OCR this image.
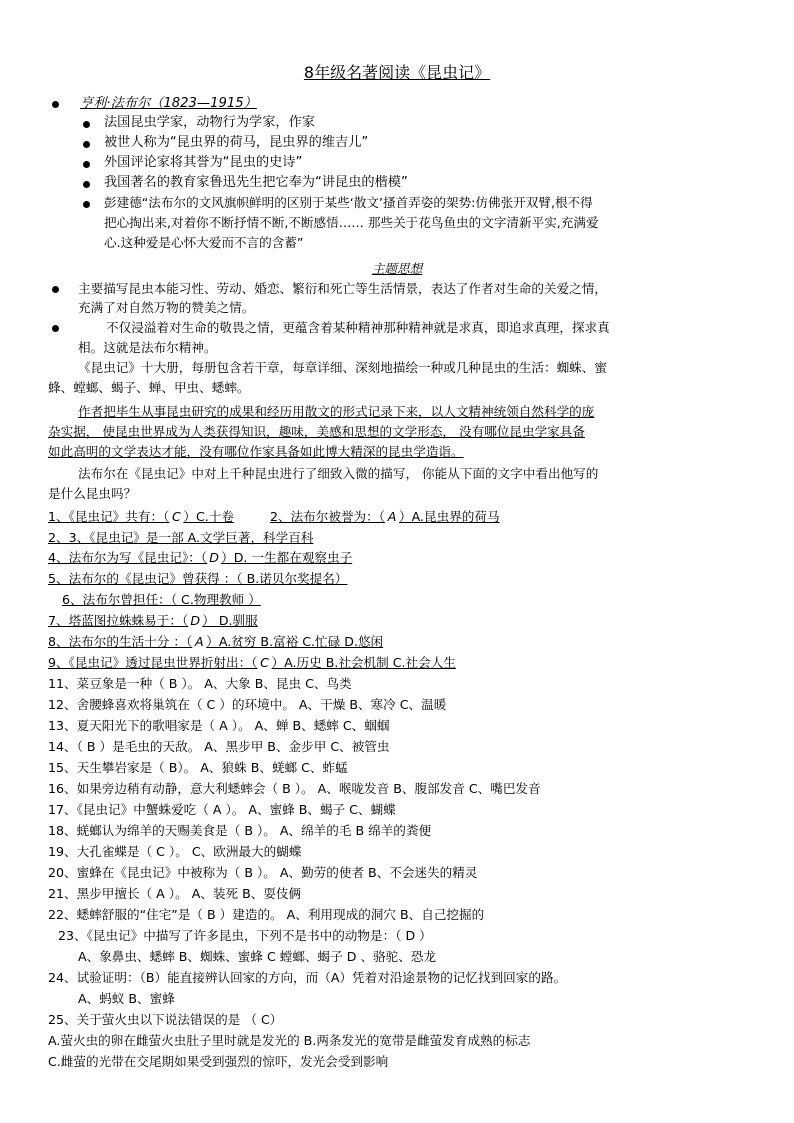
8年级名著阅读《昆虫记》
亨利·法布尔（1823—1915）
法国昆虫学家，动物行为学家，作家
被世人称为“昆虫界的荷马，昆虫界的维吉儿”
外国评论家将其誉为“昆虫的史诗”
我国著名的教育家鲁迅先生把它奉为“讲昆虫的楷模”
彭建德“法布尔的文风旗帜鲜明的区别于某些‘散文’搔首弄姿的架势:仿佛张开双臂,根不得
把心掏出来,对着你不断抒情不断,不断感悟…… 那些关于花鸟鱼虫的文字清新平实,充满爱
心.这种爱是心怀大爱而不言的含蓄”
主题思想
主要描写昆虫本能习性、劳动、婚恋、繁衍和死亡等生活情景，表达了作者对生命的关爱之情，
充满了对自然万物的赞美之情。
不仅浸溢着对生命的敬畏之情，更蕴含着某种精神那种精神就是求真，即追求真理，探求真
相。这就是法布尔精神。
《昆虫记》十大册，每册包含若干章，每章详细、深刻地描绘一种或几种昆虫的生活：蜘蛛、蜜
蜂、螳螂、蝎子、蝉、甲虫、蟋蟀。
作者把毕生从事昆虫研究的成果和经历用散文的形式记录下来，以人文精神统领自然科学的庞
杂实据， 使昆虫世界成为人类获得知识，趣味，美感和思想的文学形态， 没有哪位昆虫学家具备
如此高明的文学表达才能，没有哪位作家具备如此博大精深的昆虫学造诣。
法布尔在《昆虫记》中对上千种昆虫进行了细致入微的描写， 你能从下面的文字中看出他写的
是什么昆虫吗？
1、《昆虫记》共有：（ C ）C.十卷	2、法布尔被誉为：（ A ）A.昆虫界的荷马
2、3、《昆虫记》是一部 A.文学巨著，科学百科
4、法布尔为写《昆虫记》：（ D ）D. 一生都在观察虫子
5、法布尔的《昆虫记》曾获得 ：（ B.诺贝尔奖提名）
6、法布尔曾担任：（ C.物理教师 ）
7、塔蓝图拉蛛蛛易于：（ D ） D.驯服
8、法布尔的生活十分 ：（ A ）A.贫穷 B.富裕 C.忙碌 D.悠闲
9、《昆虫记》透过昆虫世界折射出：（ C ）A.历史 B.社会机制 C.社会人生
11、菜豆象是一种（ B ）。 A、大象 B、昆虫 C、鸟类
12、舍腰蜂喜欢将巢筑在（ C ）的环境中。 A、干燥 B、寒冷 C、温暖
13、夏天阳光下的歌唱家是（ A ）。 A、蝉 B、蟋蟀 C、蝈蝈
14、（ B ）是毛虫的天敌。 A、黑步甲 B、金步甲 C、被管虫
15、天生攀岩家是（ B）。 A、狼蛛 B、蜣螂 C、蚱蜢
16、如果旁边稍有动静，意大利蟋蟀会（ B ）。 A、喉咙发音 B、腹部发音 C、嘴巴发音
17、《昆虫记》中蟹蛛爱吃（ A ）。 A、蜜蜂 B、蝎子 C、蝴蝶
18、蜣螂认为绵羊的天赐美食是（ B ）。 A、绵羊的毛 B 绵羊的粪便
19、大孔雀蝶是（ C ）。 C、欧洲最大的蝴蝶
20、蜜蜂在《昆虫记》中被称为（ B ）。 A、勤劳的使者 B、不会迷失的精灵
21、黑步甲擅长（ A ）。 A、装死 B、耍伎俩
22、蟋蟀舒服的“住宅”是（ B ）建造的。 A、利用现成的洞穴 B、自己挖掘的
23、《昆虫记》中描写了许多昆虫，下列不是书中的动物是：（ D ）
A、象鼻虫、蟋蟀 B、蜘蛛、蜜蜂 C 螳螂、蝎子 D 、骆驼、恐龙
24、试验证明：（B）能直接辨认回家的方向，而（A）凭着对沿途景物的记忆找到回家的路。
A、蚂蚁 B、蜜蜂
25、关于萤火虫以下说法错误的是 （ C）
A.萤火虫的卵在雌萤火虫肚子里时就是发光的 B.两条发光的宽带是雌萤发育成熟的标志
C.雌萤的光带在交尾期如果受到强烈的惊吓，发光会受到影响
